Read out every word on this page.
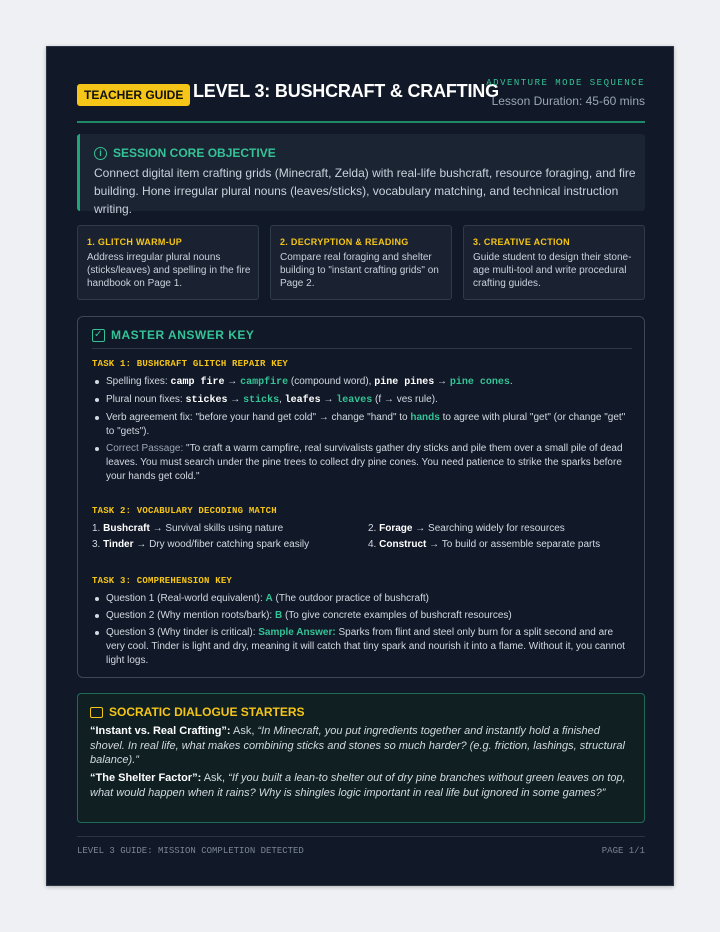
TEACHER GUIDE LEVEL 3: BUSHCRAFT & CRAFTING
ADVENTURE MODE SEQUENCE
Lesson Duration: 45-60 mins
i SESSION CORE OBJECTIVE
Connect digital item crafting grids (Minecraft, Zelda) with real-life bushcraft, resource foraging, and fire building. Hone irregular plural nouns (leaves/sticks), vocabulary matching, and technical instruction writing.
1. GLITCH WARM-UP
Address irregular plural nouns (sticks/leaves) and spelling in the fire handbook on Page 1.
2. DECRYPTION & READING
Compare real foraging and shelter building to "instant crafting grids" on Page 2.
3. CREATIVE ACTION
Guide student to design their stone-age multi-tool and write procedural crafting guides.
✓ MASTER ANSWER KEY
TASK 1: BUSHCRAFT GLITCH REPAIR KEY
Spelling fixes: camp fire → campfire (compound word), pine pines → pine cones.
Plural noun fixes: stickes → sticks, leafes → leaves (f → ves rule).
Verb agreement fix: "before your hand get cold" → change "hand" to hands to agree with plural "get" (or change "get" to "gets").
Correct Passage: "To craft a warm campfire, real survivalists gather dry sticks and pile them over a small pile of dead leaves. You must search under the pine trees to collect dry pine cones. You need patience to strike the sparks before your hands get cold."
TASK 2: VOCABULARY DECODING MATCH
1. Bushcraft → Survival skills using nature	2. Forage → Searching widely for resources
3. Tinder → Dry wood/fiber catching spark easily	4. Construct → To build or assemble separate parts
TASK 3: COMPREHENSION KEY
Question 1 (Real-world equivalent): A (The outdoor practice of bushcraft)
Question 2 (Why mention roots/bark): B (To give concrete examples of bushcraft resources)
Question 3 (Why tinder is critical): Sample Answer: Sparks from flint and steel only burn for a split second and are very cool. Tinder is light and dry, meaning it will catch that tiny spark and nourish it into a flame. Without it, you cannot light logs.
SOCRATIC DIALOGUE STARTERS
“Instant vs. Real Crafting”: Ask, “In Minecraft, you put ingredients together and instantly hold a finished shovel. In real life, what makes combining sticks and stones so much harder? (e.g. friction, lashings, structural balance).”
“The Shelter Factor”: Ask, “If you built a lean-to shelter out of dry pine branches without green leaves on top, what would happen when it rains? Why is shingles logic important in real life but ignored in some games?”
LEVEL 3 GUIDE: MISSION COMPLETION DETECTED	PAGE 1/1
